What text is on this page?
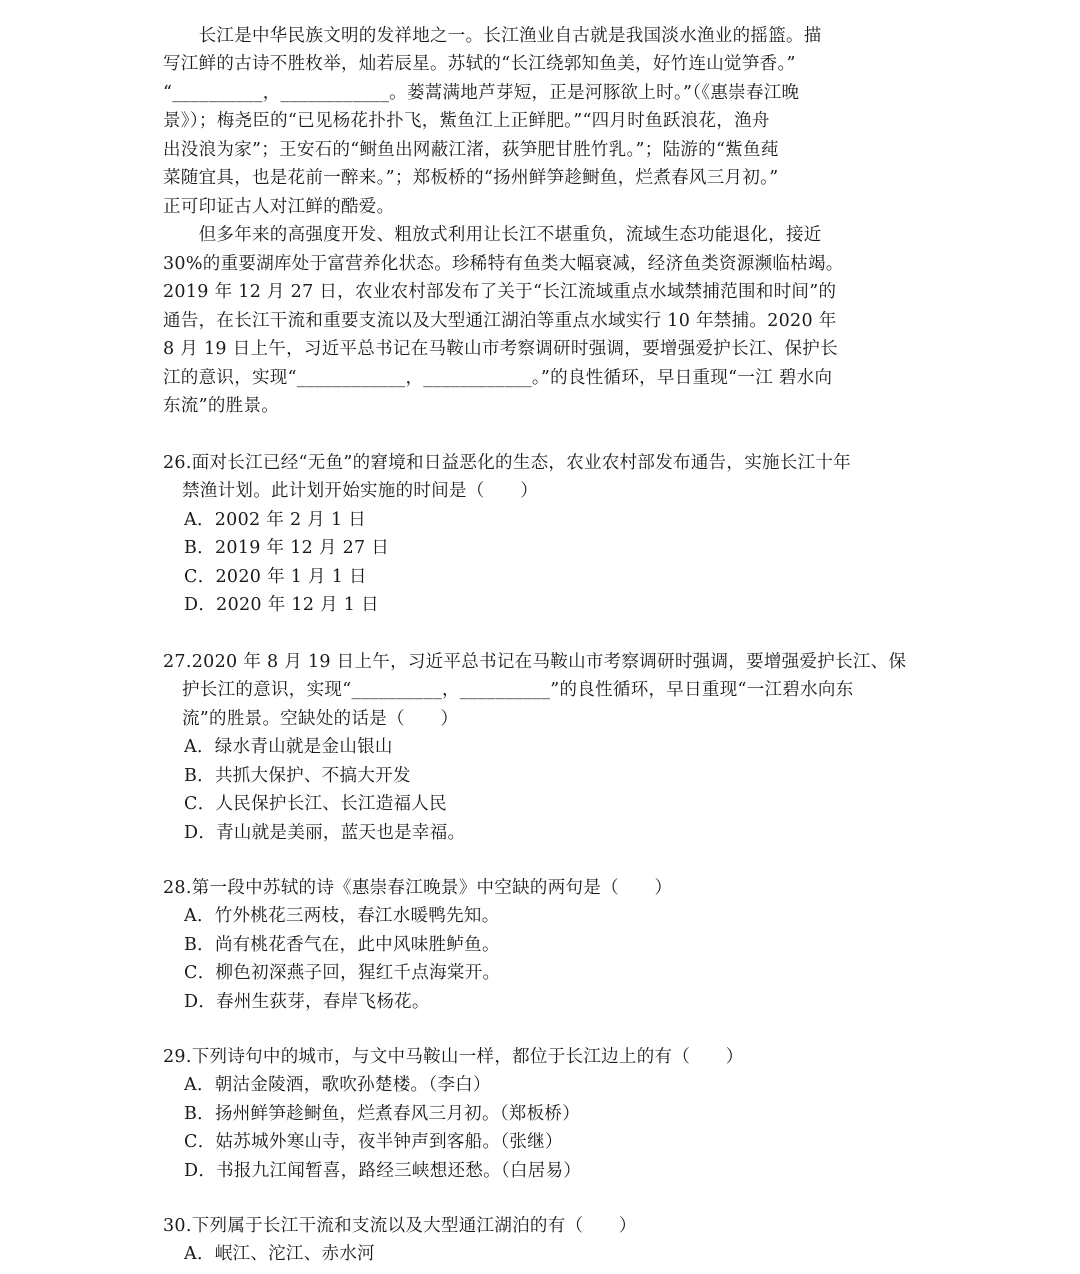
　　长江是中华民族文明的发祥地之一。长江渔业自古就是我国淡水渔业的摇篮。描
写江鲜的古诗不胜枚举，灿若辰星。苏轼的“长江绕郭知鱼美，好竹连山觉笋香。”
“__________，____________。蒌蒿满地芦芽短，正是河豚欲上时。”（《惠崇春江晚
景》）；梅尧臣的“已见杨花扑扑飞，鮆鱼江上正鲜肥。”“四月时鱼跃浪花，渔舟
出没浪为家”；王安石的“鲥鱼出网蔽江渚，荻笋肥甘胜竹乳。”；陆游的“鮆鱼莼
菜随宜具，也是花前一醉来。”；郑板桥的“扬州鲜笋趁鲥鱼，烂煮春风三月初。”
正可印证古人对江鲜的酷爱。
　　但多年来的高强度开发、粗放式利用让长江不堪重负，流域生态功能退化，接近
30%的重要湖库处于富营养化状态。珍稀特有鱼类大幅衰减，经济鱼类资源濒临枯竭。
2019 年 12 月 27 日，农业农村部发布了关于“长江流域重点水域禁捕范围和时间”的
通告，在长江干流和重要支流以及大型通江湖泊等重点水域实行 10 年禁捕。2020 年
8 月 19 日上午，习近平总书记在马鞍山市考察调研时强调，要增强爱护长江、保护长
江的意识，实现“____________，____________。”的良性循环，早日重现“一江 碧水向
东流”的胜景。
26.面对长江已经“无鱼”的窘境和日益恶化的生态，农业农村部发布通告，实施长江十年
禁渔计划。此计划开始实施的时间是（　　）
A．2002 年 2 月 1 日
B．2019 年 12 月 27 日
C．2020 年 1 月 1 日
D．2020 年 12 月 1 日
27.2020 年 8 月 19 日上午，习近平总书记在马鞍山市考察调研时强调，要增强爱护长江、保
护长江的意识，实现“__________，__________”的良性循环，早日重现“一江碧水向东
流”的胜景。空缺处的话是（　　）
A．绿水青山就是金山银山
B．共抓大保护、不搞大开发
C．人民保护长江、长江造福人民
D．青山就是美丽，蓝天也是幸福。
28.第一段中苏轼的诗《惠崇春江晚景》中空缺的两句是（　　）
A．竹外桃花三两枝，春江水暖鸭先知。
B．尚有桃花香气在，此中风味胜鲈鱼。
C．柳色初深燕子回，猩红千点海棠开。
D．春州生荻芽，春岸飞杨花。
29.下列诗句中的城市，与文中马鞍山一样，都位于长江边上的有（　　）
A．朝沽金陵酒，歌吹孙楚楼。（李白）
B．扬州鲜笋趁鲥鱼，烂煮春风三月初。（郑板桥）
C．姑苏城外寒山寺，夜半钟声到客船。（张继）
D．书报九江闻暂喜，路经三峡想还愁。（白居易）
30.下列属于长江干流和支流以及大型通江湖泊的有（　　）
A．岷江、沱江、赤水河
